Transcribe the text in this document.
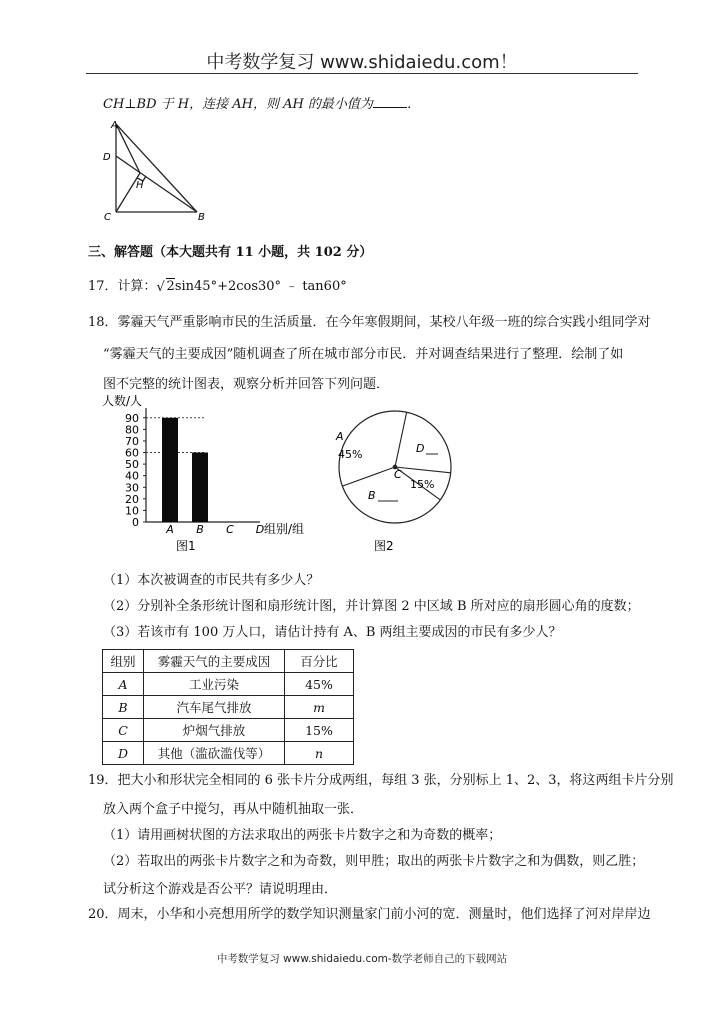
中考数学复习 www.shidaiedu.com！
CH⊥BD 于 H，连接 AH，则 AH 的最小值为	．
A
D
H
C	B
三、解答题（本大题共有 11 小题，共 102 分）
17．计算： √ 2sin45°+2cos30° ﹣ tan60°
18．雾霾天气严重影响市民的生活质量．在今年寒假期间，某校八年级一班的综合实践小组同学对
“雾霾天气的主要成因”随机调查了所在城市部分市民．并对调查结果进行了整理．绘制了如
图不完整的统计图表，观察分析并回答下列问题．
人数/人
0
10
20
30
40
50
60
70
80
90
A B C D 组别/组
图1
A
45%	D
C
15%
B
图2
（1）本次被调查的市民共有多少人？
（2）分别补全条形统计图和扇形统计图，并计算图 2 中区域 B 所对应的扇形圆心角的度数；
（3）若该市有 100 万人口，请估计持有 A、B 两组主要成因的市民有多少人？
组别	雾霾天气的主要成因	百分比
A	工业污染	45%
B	汽车尾气排放	m
C	炉烟气排放	15%
D	其他（滥砍滥伐等）	n
19．把大小和形状完全相同的 6 张卡片分成两组，每组 3 张，分别标上 1、2、3，将这两组卡片分别
放入两个盒子中搅匀，再从中随机抽取一张．
（1）请用画树状图的方法求取出的两张卡片数字之和为奇数的概率；
（2）若取出的两张卡片数字之和为奇数，则甲胜；取出的两张卡片数字之和为偶数，则乙胜；
试分析这个游戏是否公平？请说明理由．
20．周末，小华和小亮想用所学的数学知识测量家门前小河的宽．测量时，他们选择了河对岸岸边
中考数学复习 www.shidaiedu.com-数学老师自己的下载网站
